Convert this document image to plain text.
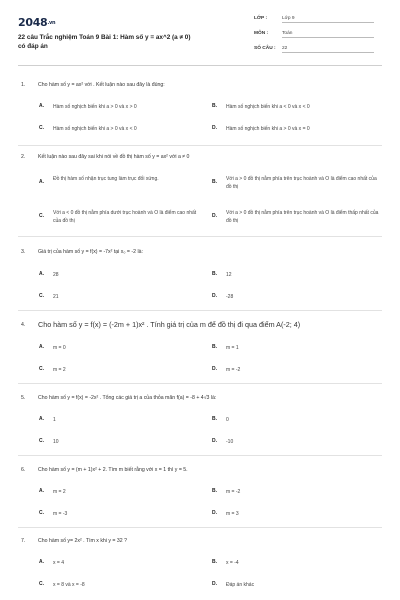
2048.vn
22 câu Trắc nghiệm Toán 9 Bài 1: Hàm số y = ax^2 (a ≠ 0)
có đáp án
LỚP :	Lớp 9
MÔN :	Toán
SỐ CÂU : 22
1. Cho hàm số y = ax² với . Kết luận nào sau đây là đúng:
A. Hàm số nghịch biến khi a > 0 và x > 0	B. Hàm số nghịch biến khi a < 0 và x < 0
C. Hàm số nghịch biến khi a > 0 và x < 0	D. Hàm số nghịch biến khi a > 0 và x = 0
2. Kết luận nào sau đây sai khi nói về đồ thị hàm số y = ax² với a ≠ 0
A. Đồ thị hàm số nhận trục tung làm trục đối xứng.	B. Với a > 0 đồ thị nằm phía trên trục hoành và O là điểm cao nhất của đồ thị
C. Với a < 0 đồ thị nằm phía dưới trục hoành và O là điểm cao nhất của đồ thị
D. Với a > 0 đồ thị nằm phía trên trục hoành và O là điểm thấp nhất của đồ thị
3. Giá trị của hàm số y = f(x) = -7x² tại x₀ = -2 là:
A. 28	B. 12
C. 21	D. -28
4. Cho hàm số y = f(x) = (-2m + 1)x² . Tính giá trị của m để đồ thị đi qua điểm A(-2; 4)
A. m = 0	B. m = 1
C. m = 2	D. m = -2
5. Cho hàm số y = f(x) = -2x² . Tổng các giá trị a của thỏa mãn f(a) = -8 + 4√3 là:
A. 1	B. 0
C. 10	D. -10
6. Cho hàm số y = (m + 1)x² + 2. Tìm m biết rằng với x = 1 thì y = 5.
A. m = 2	B. m = -2
C. m = -3	D. m = 3
7. Cho hàm số y= 2x² . Tìm x khi y = 32 ?
A. x = 4	B. x = -4
C. x = 8 và x = -8	D. Đáp án khác
